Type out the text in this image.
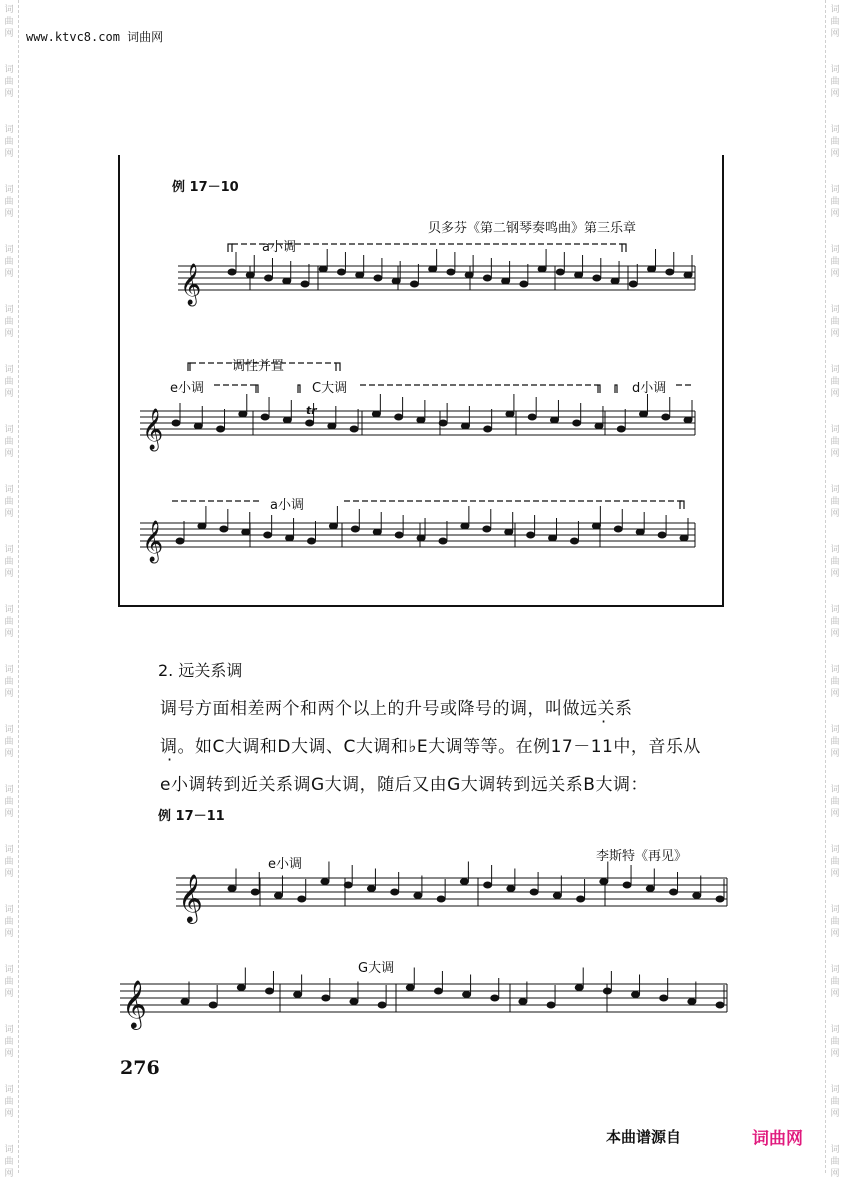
词
曲
网
词
曲
网
词
曲
网
词
曲
网
词
曲
网
词
曲
网
词
曲
网
词
曲
网
词
曲
网
词
曲
网
词
曲
网
词
曲
网
词
曲
网
词
曲
网
词
曲
网
词
曲
网
词
曲
网
词
曲
网
词
曲
网
词
曲
网
词
曲
网
词
曲
网
词
曲
网
词
曲
网
词
曲
网
词
曲
网
词
曲
网
词
曲
网
词
曲
网
词
曲
网
词
曲
网
词
曲
网
词
曲
网
词
曲
网
词
曲
网
词
曲
网
词
曲
网
词
曲
网
词
曲
网
词
曲
网
www.ktvc8.com 词曲网
例 17－10
贝多芬《第二钢琴奏鸣曲》第三乐章
a小调
调性并置
e小调	C大调	d小调
tr
a小调
𝄞
𝄞
𝄞
𝄞
𝄞
2. 远关系调
调号方面相差两个和两个以上的升号或降号的调，叫做远关系
调。如C大调和D大调、C大调和♭E大调等等。在例17－11中，音乐从
e小调转到近关系调G大调，随后又由G大调转到远关系B大调：
例 17－11
李斯特《再见》
e小调
G大调
276
本曲谱源自	词曲网
